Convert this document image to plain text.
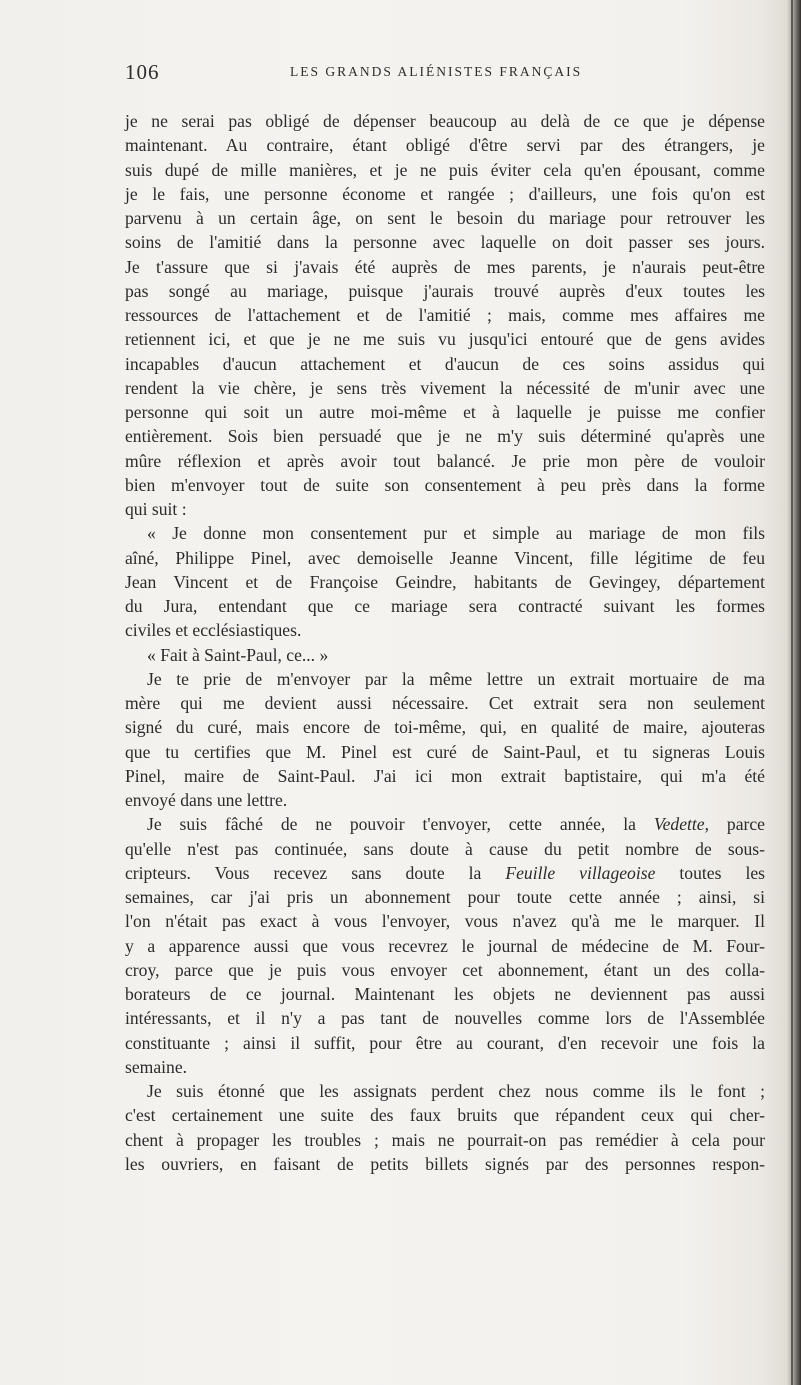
106	LES GRANDS ALIÉNISTES FRANÇAIS
je ne serai pas obligé de dépenser beaucoup au delà de ce que je dépense
maintenant. Au contraire, étant obligé d'être servi par des étrangers, je
suis dupé de mille manières, et je ne puis éviter cela qu'en épousant, comme
je le fais, une personne économe et rangée ; d'ailleurs, une fois qu'on est
parvenu à un certain âge, on sent le besoin du mariage pour retrouver les
soins de l'amitié dans la personne avec laquelle on doit passer ses jours.
Je t'assure que si j'avais été auprès de mes parents, je n'aurais peut-être
pas songé au mariage, puisque j'aurais trouvé auprès d'eux toutes les
ressources de l'attachement et de l'amitié ; mais, comme mes affaires me
retiennent ici, et que je ne me suis vu jusqu'ici entouré que de gens avides
incapables d'aucun attachement et d'aucun de ces soins assidus qui
rendent la vie chère, je sens très vivement la nécessité de m'unir avec une
personne qui soit un autre moi-même et à laquelle je puisse me confier
entièrement. Sois bien persuadé que je ne m'y suis déterminé qu'après une
mûre réflexion et après avoir tout balancé. Je prie mon père de vouloir
bien m'envoyer tout de suite son consentement à peu près dans la forme
qui suit :
« Je donne mon consentement pur et simple au mariage de mon fils
aîné, Philippe Pinel, avec demoiselle Jeanne Vincent, fille légitime de feu
Jean Vincent et de Françoise Geindre, habitants de Gevingey, département
du Jura, entendant que ce mariage sera contracté suivant les formes
civiles et ecclésiastiques.
« Fait à Saint-Paul, ce... »
Je te prie de m'envoyer par la même lettre un extrait mortuaire de ma
mère qui me devient aussi nécessaire. Cet extrait sera non seulement
signé du curé, mais encore de toi-même, qui, en qualité de maire, ajouteras
que tu certifies que M. Pinel est curé de Saint-Paul, et tu signeras Louis
Pinel, maire de Saint-Paul. J'ai ici mon extrait baptistaire, qui m'a été
envoyé dans une lettre.
Je suis fâché de ne pouvoir t'envoyer, cette année, la Vedette, parce
qu'elle n'est pas continuée, sans doute à cause du petit nombre de sous-
cripteurs. Vous recevez sans doute la Feuille villageoise toutes les
semaines, car j'ai pris un abonnement pour toute cette année ; ainsi, si
l'on n'était pas exact à vous l'envoyer, vous n'avez qu'à me le marquer. Il
y a apparence aussi que vous recevrez le journal de médecine de M. Four-
croy, parce que je puis vous envoyer cet abonnement, étant un des colla-
borateurs de ce journal. Maintenant les objets ne deviennent pas aussi
intéressants, et il n'y a pas tant de nouvelles comme lors de l'Assemblée
constituante ; ainsi il suffit, pour être au courant, d'en recevoir une fois la
semaine.
Je suis étonné que les assignats perdent chez nous comme ils le font ;
c'est certainement une suite des faux bruits que répandent ceux qui cher-
chent à propager les troubles ; mais ne pourrait-on pas remédier à cela pour
les ouvriers, en faisant de petits billets signés par des personnes respon-
